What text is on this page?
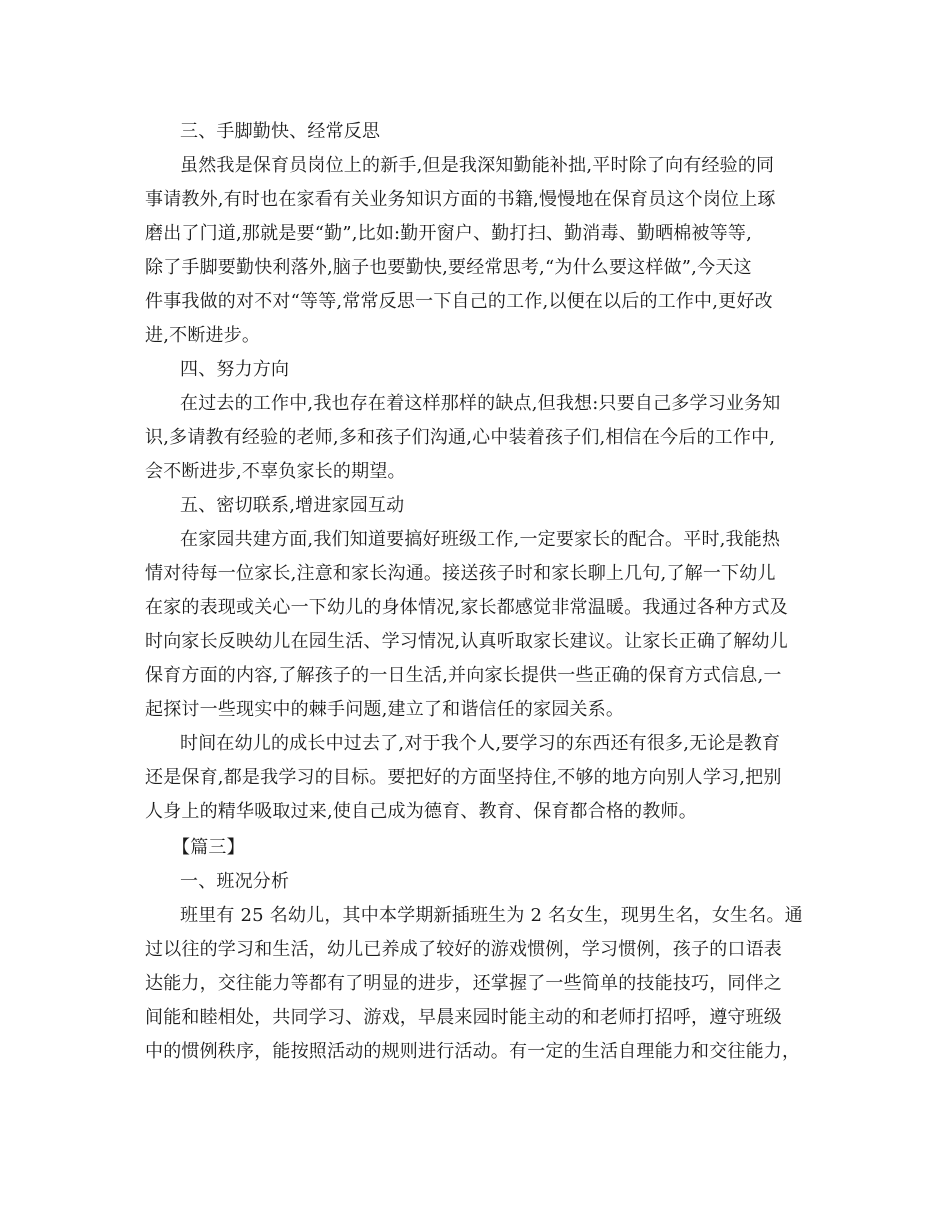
三、手脚勤快、经常反思
虽然我是保育员岗位上的新手,但是我深知勤能补拙,平时除了向有经验的同
事请教外,有时也在家看有关业务知识方面的书籍,慢慢地在保育员这个岗位上琢
磨出了门道,那就是要“勤”,比如:勤开窗户、勤打扫、勤消毒、勤晒棉被等等,
除了手脚要勤快利落外,脑子也要勤快,要经常思考,“为什么要这样做”,今天这
件事我做的对不对“等等,常常反思一下自己的工作,以便在以后的工作中,更好改
进,不断进步。
四、努力方向
在过去的工作中,我也存在着这样那样的缺点,但我想:只要自己多学习业务知
识,多请教有经验的老师,多和孩子们沟通,心中装着孩子们,相信在今后的工作中,
会不断进步,不辜负家长的期望。
五、密切联系,增进家园互动
在家园共建方面,我们知道要搞好班级工作,一定要家长的配合。平时,我能热
情对待每一位家长,注意和家长沟通。接送孩子时和家长聊上几句,了解一下幼儿
在家的表现或关心一下幼儿的身体情况,家长都感觉非常温暖。我通过各种方式及
时向家长反映幼儿在园生活、学习情况,认真听取家长建议。让家长正确了解幼儿
保育方面的内容,了解孩子的一日生活,并向家长提供一些正确的保育方式信息,一
起探讨一些现实中的棘手问题,建立了和谐信任的家园关系。
时间在幼儿的成长中过去了,对于我个人,要学习的东西还有很多,无论是教育
还是保育,都是我学习的目标。要把好的方面坚持住,不够的地方向别人学习,把别
人身上的精华吸取过来,使自己成为德育、教育、保育都合格的教师。
【篇三】
一、班况分析
班里有 25 名幼儿，其中本学期新插班生为 2 名女生，现男生名，女生名。通
过以往的学习和生活，幼儿已养成了较好的游戏惯例，学习惯例，孩子的口语表
达能力，交往能力等都有了明显的进步，还掌握了一些简单的技能技巧，同伴之
间能和睦相处，共同学习、游戏，早晨来园时能主动的和老师打招呼，遵守班级
中的惯例秩序，能按照活动的规则进行活动。有一定的生活自理能力和交往能力，
